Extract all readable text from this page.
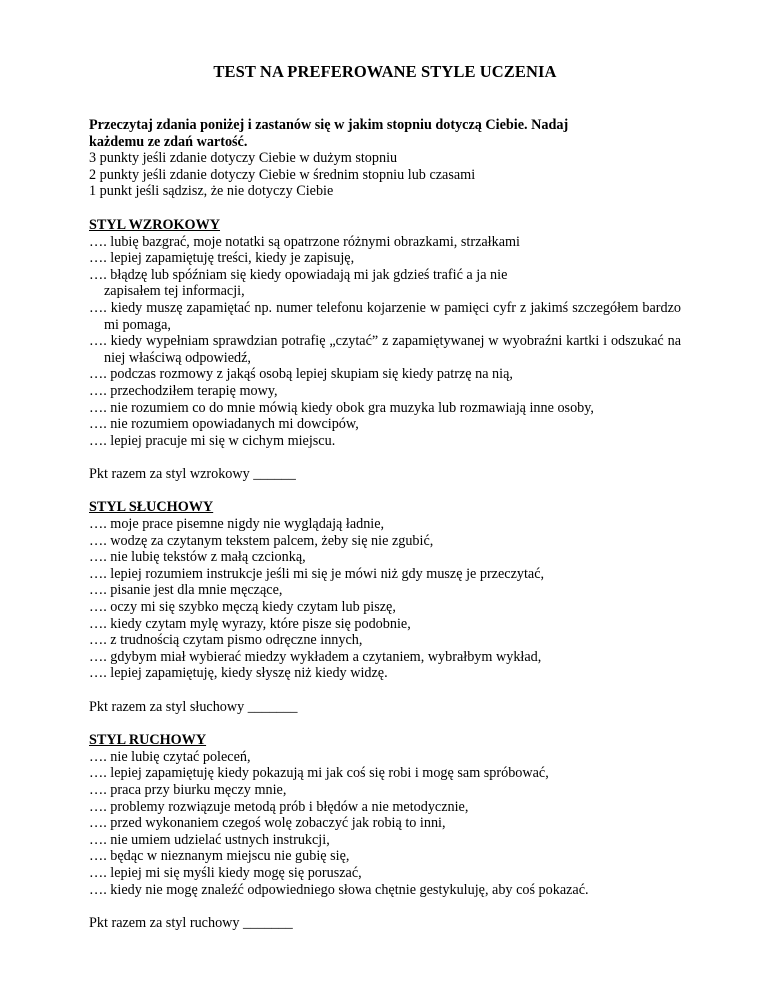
TEST NA PREFEROWANE STYLE UCZENIA
Przeczytaj zdania poniżej i zastanów się w jakim stopniu dotyczą Ciebie. Nadaj
każdemu ze zdań wartość.
3 punkty jeśli zdanie dotyczy Ciebie w dużym stopniu
2 punkty jeśli zdanie dotyczy Ciebie w średnim stopniu lub czasami
1 punkt jeśli sądzisz, że nie dotyczy Ciebie
STYL WZROKOWY
…. lubię bazgrać, moje notatki są opatrzone różnymi obrazkami, strzałkami
…. lepiej zapamiętuję treści, kiedy je zapisuję,
…. błądzę lub spóźniam się kiedy opowiadają mi jak gdzieś trafić a ja nie zapisałem tej informacji,
…. kiedy muszę zapamiętać np. numer telefonu kojarzenie w pamięci cyfr z jakimś szczegółem bardzo mi pomaga,
…. kiedy wypełniam sprawdzian potrafię „czytać” z zapamiętywanej w wyobraźni kartki i odszukać na niej właściwą odpowiedź,
…. podczas rozmowy z jakąś osobą lepiej skupiam się kiedy patrzę na nią,
…. przechodziłem terapię mowy,
…. nie rozumiem co do mnie mówią kiedy obok gra muzyka lub rozmawiają inne osoby,
…. nie rozumiem opowiadanych mi dowcipów,
…. lepiej pracuje mi się w cichym miejscu.
Pkt razem za styl wzrokowy ______
STYL SŁUCHOWY
…. moje prace pisemne nigdy nie wyglądają ładnie,
…. wodzę za czytanym tekstem palcem, żeby się nie zgubić,
…. nie lubię tekstów z małą czcionką,
…. lepiej rozumiem instrukcje jeśli mi się je mówi niż gdy muszę je przeczytać,
…. pisanie jest dla mnie męczące,
…. oczy mi się szybko męczą kiedy czytam lub piszę,
…. kiedy czytam mylę wyrazy, które pisze się podobnie,
…. z trudnością czytam pismo odręczne innych,
…. gdybym miał wybierać miedzy wykładem a czytaniem, wybrałbym wykład,
…. lepiej zapamiętuję, kiedy słyszę niż kiedy widzę.
Pkt razem za styl słuchowy _______
STYL RUCHOWY
…. nie lubię czytać poleceń,
…. lepiej zapamiętuję kiedy pokazują mi jak coś się robi i mogę sam spróbować,
…. praca przy biurku męczy mnie,
…. problemy rozwiązuje metodą prób i błędów a nie metodycznie,
…. przed wykonaniem czegoś wolę zobaczyć jak robią to inni,
…. nie umiem udzielać ustnych instrukcji,
…. będąc w nieznanym miejscu nie gubię się,
…. lepiej mi się myśli kiedy mogę się poruszać,
…. kiedy nie mogę znaleźć odpowiedniego słowa chętnie gestykuluję, aby coś pokazać.
Pkt razem za styl ruchowy _______
